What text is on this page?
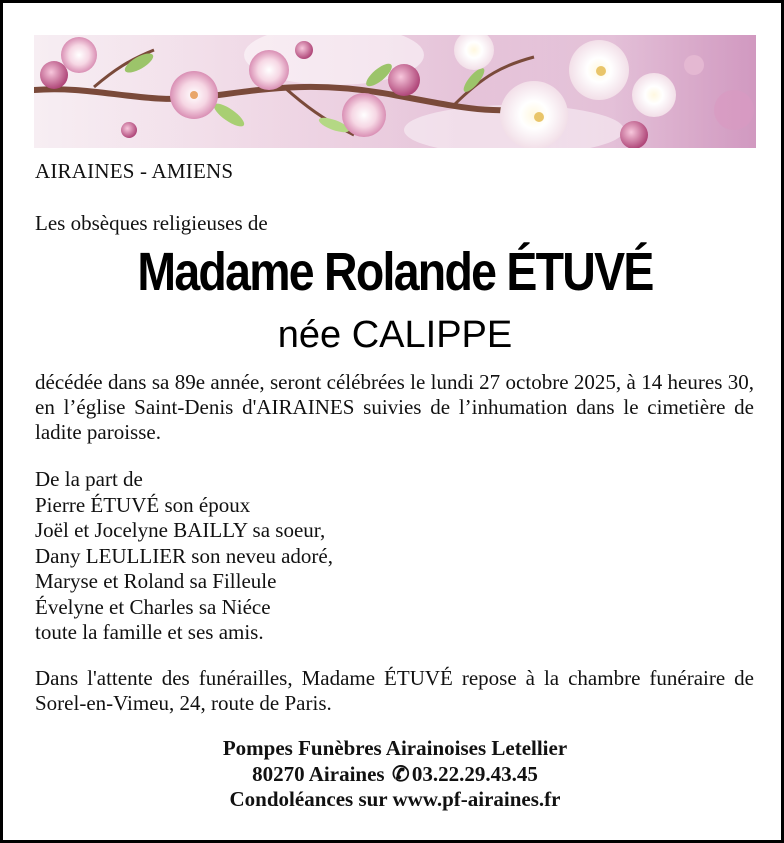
AIRAINES - AMIENS
Les obsèques religieuses de
Madame Rolande ÉTUVÉ
née CALIPPE
décédée dans sa 89e année, seront célébrées le lundi 27 octobre 2025, à 14 heures 30, en l’église Saint-Denis d'AIRAINES suivies de l’inhumation dans le cimetière de ladite paroisse.
De la part de
Pierre ÉTUVÉ son époux
Joël et Jocelyne BAILLY sa soeur,
Dany LEULLIER son neveu adoré,
Maryse et Roland sa Filleule
Évelyne et Charles sa Niéce
toute la famille et ses amis.
Dans l'attente des funérailles, Madame ÉTUVÉ repose à la chambre funéraire de Sorel-en-Vimeu, 24, route de Paris.
Pompes Funèbres Airainoises Letellier
80270 Airaines ✆ 03.22.29.43.45
Condoléances sur www.pf-airaines.fr
